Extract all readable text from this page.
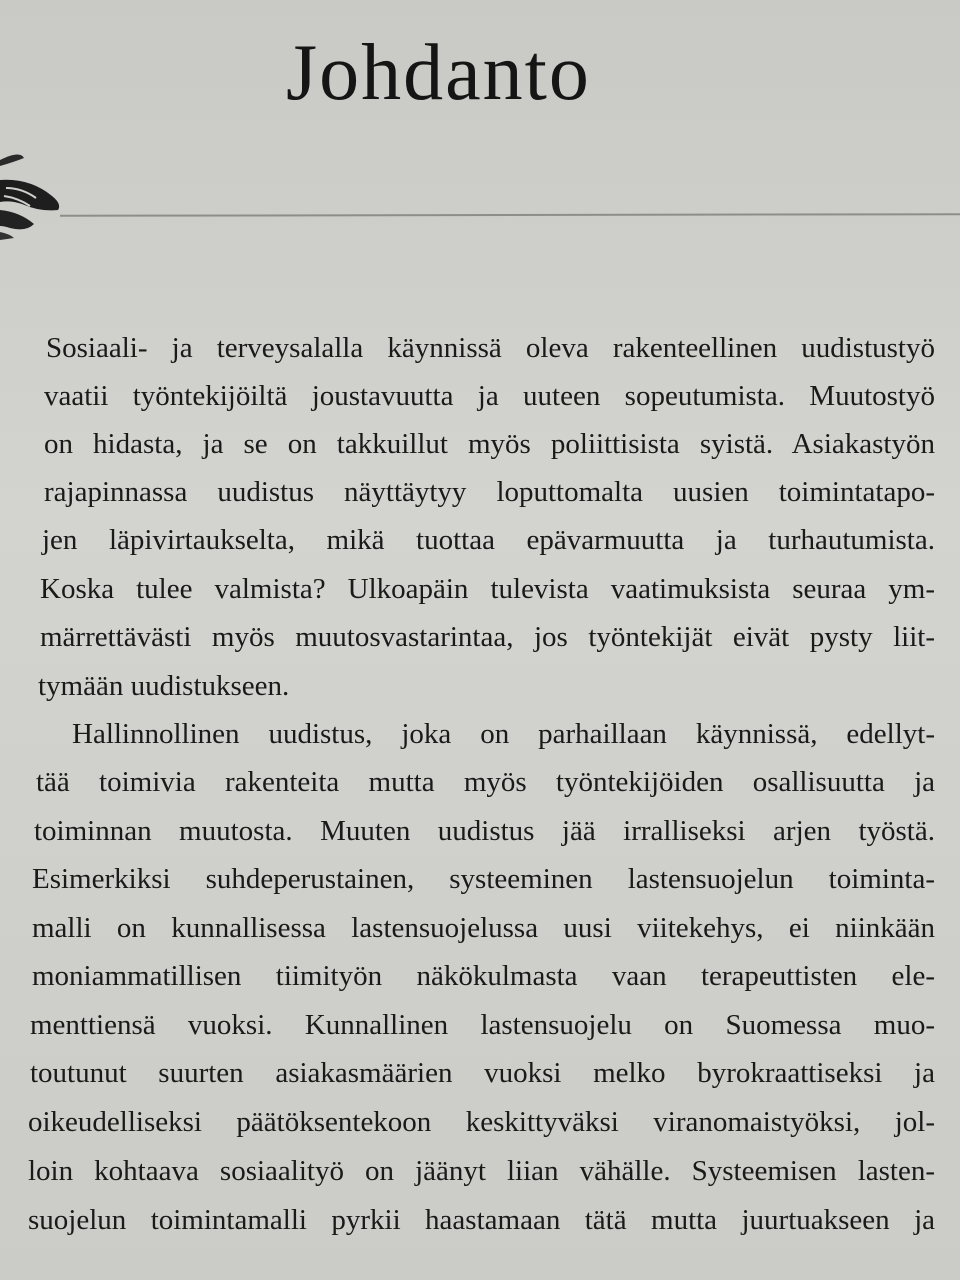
Johdanto
Sosiaali- ja terveysalalla käynnissä oleva rakenteellinen uudistustyö
vaatii työntekijöiltä joustavuutta ja uuteen sopeutumista. Muutostyö
on hidasta, ja se on takkuillut myös poliittisista syistä. Asiakastyön
rajapinnassa uudistus näyttäytyy loputtomalta uusien toimintatapo-
jen läpivirtaukselta, mikä tuottaa epävarmuutta ja turhautumista.
Koska tulee valmista? Ulkoapäin tulevista vaatimuksista seuraa ym-
märrettävästi myös muutosvastarintaa, jos työntekijät eivät pysty liit-
tymään uudistukseen.
Hallinnollinen uudistus, joka on parhaillaan käynnissä, edellyt-
tää toimivia rakenteita mutta myös työntekijöiden osallisuutta ja
toiminnan muutosta. Muuten uudistus jää irralliseksi arjen työstä.
Esimerkiksi suhdeperustainen, systeeminen lastensuojelun toiminta-
malli on kunnallisessa lastensuojelussa uusi viitekehys, ei niinkään
moniammatillisen tiimityön näkökulmasta vaan terapeuttisten ele-
menttiensä vuoksi. Kunnallinen lastensuojelu on Suomessa muo-
toutunut suurten asiakasmäärien vuoksi melko byrokraattiseksi ja
oikeudelliseksi päätöksentekoon keskittyväksi viranomaistyöksi, jol-
loin kohtaava sosiaalityö on jäänyt liian vähälle. Systeemisen lasten-
suojelun toimintamalli pyrkii haastamaan tätä mutta juurtuakseen ja
